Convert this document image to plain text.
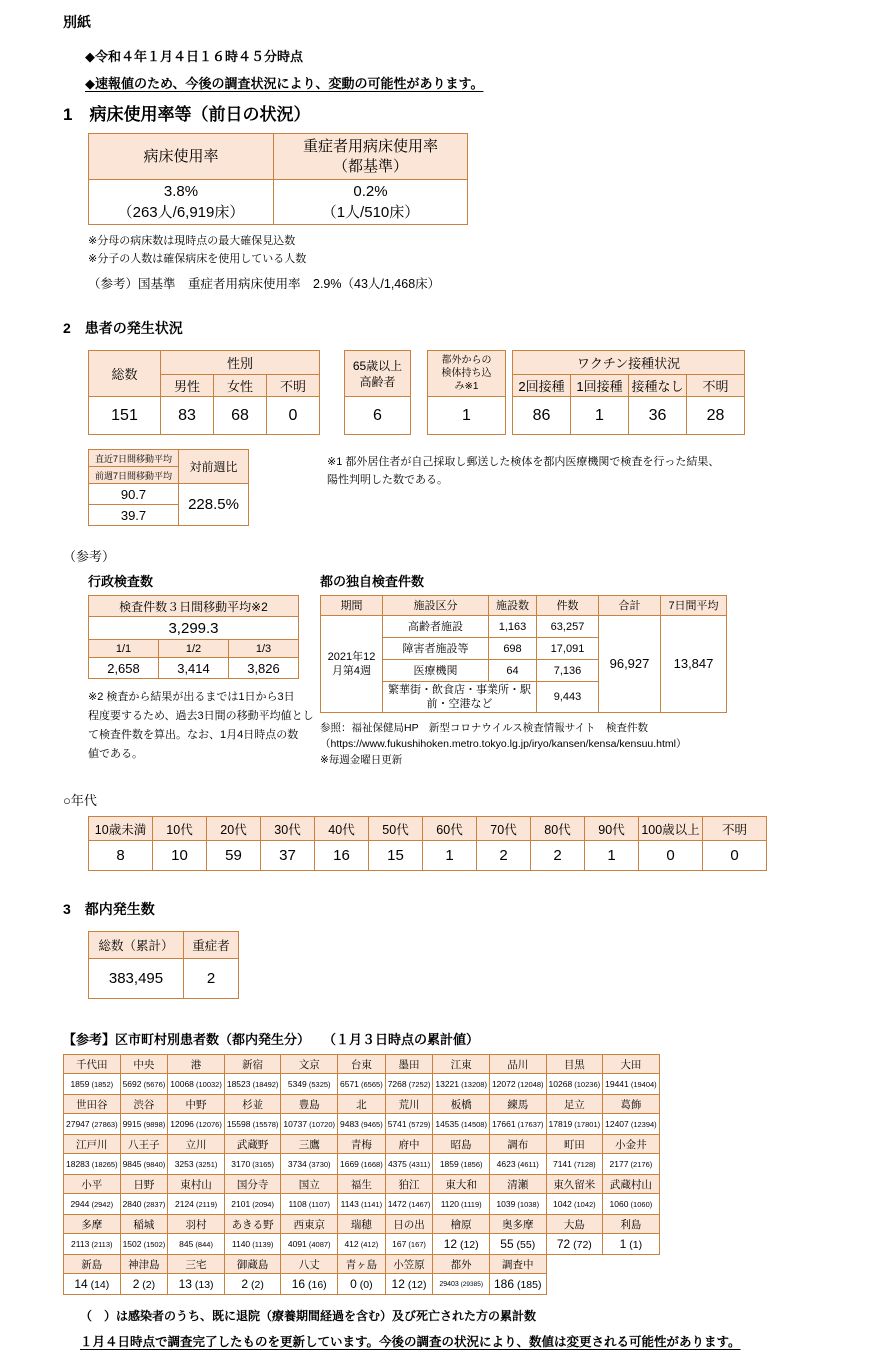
別紙
◆令和４年１月４日１６時４５分時点
◆速報値のため、今後の調査状況により、変動の可能性があります。
1　病床使用率等（前日の状況）
病床使用率	重症者用病床使用率
（都基準）

3.8%
（263人/6,919床）

0.2%
（1人/510床）
※分母の病床数は現時点の最大確保見込数
※分子の人数は確保病床を使用している人数
（参考）国基準　重症者用病床使用率　2.9%（43人/1,468床）
2　患者の発生状況
総数	性別		
	男性	女性	不明
151	83	68	0
65歳以上
高齢者

6
都外からの
検体持ち込
み※1

1
ワクチン接種状況			
2回接種	1回接種	接種なし	不明
86	1	36	28
直近7日間移動平均	対前週比
前週7日間移動平均	
90.7	228.5%
39.7	
※1 都外居住者が自己採取し郵送した検体を都内医療機関で検査を行った結果、
陽性判明した数である。
（参考）
行政検査数
検査件数３日間移動平均※2		
3,299.3		
1/1	1/2	1/3
2,658	3,414	3,826
※2 検査から結果が出るまでは1日から3日
程度要するため、過去3日間の移動平均値とし
て検査件数を算出。なお、1月4日時点の数
値である。
都の独自検査件数
期間	施設区分	施設数	件数	合計	7日間平均
2021年12月第4週	高齢者施設	1,163	63,257	96,927	13,847
	障害者施設等	698	17,091		
	医療機関	64	7,136		
	繁華街・飲食店・事業所・駅前・空港など		9,443		
参照：福祉保健局HP　新型コロナウイルス検査情報サイト　検査件数
（https://www.fukushihoken.metro.tokyo.lg.jp/iryo/kansen/kensa/kensuu.html）
※毎週金曜日更新
○年代
10歳未満	10代	20代	30代	40代	50代	60代	70代	80代	90代	100歳以上	不明
8	10	59	37	16	15	1	2	2	1	0	0
3　都内発生数
総数（累計）	重症者
383,495	2
【参考】区市町村別患者数（都内発生分）　　（１月３日時点の累計値）
千代田	中央	港	新宿	文京	台東	墨田	江東	品川	目黒	大田
1859 (1852)	5692 (5676)	10068 (10032)	18523 (18492)	5349 (5325)	6571 (6565)	7268 (7252)	13221 (13208)	12072 (12048)	10268 (10236)	19441 (19404)
世田谷	渋谷	中野	杉並	豊島	北	荒川	板橋	練馬	足立	葛飾
27947 (27863)	9915 (9898)	12096 (12076)	15598 (15578)	10737 (10720)	9483 (9465)	5741 (5729)	14535 (14508)	17661 (17637)	17819 (17801)	12407 (12394)
江戸川	八王子	立川	武蔵野	三鷹	青梅	府中	昭島	調布	町田	小金井
18283 (18265)	9845 (9840)	3253 (3251)	3170 (3165)	3734 (3730)	1669 (1668)	4375 (4311)	1859 (1856)	4623 (4611)	7141 (7128)	2177 (2176)
小平	日野	東村山	国分寺	国立	福生	狛江	東大和	清瀬	東久留米	武蔵村山
2944 (2942)	2840 (2837)	2124 (2119)	2101 (2094)	1108 (1107)	1143 (1141)	1472 (1467)	1120 (1119)	1039 (1038)	1042 (1042)	1060 (1060)
多摩	稲城	羽村	あきる野	西東京	瑞穂	日の出	檜原	奥多摩	大島	利島
2113 (2113)	1502 (1502)	845 (844)	1140 (1139)	4091 (4087)	412 (412)	167 (167)	12 (12)	55 (55)	72 (72)	1 (1)
新島	神津島	三宅	御蔵島	八丈	青ヶ島	小笠原	都外	調査中		
14 (14)	2 (2)	13 (13)	2 (2)	16 (16)	0 (0)	12 (12)	29403 (29385)	186 (185)		
（　）は感染者のうち、既に退院（療養期間経過を含む）及び死亡された方の累計数
１月４日時点で調査完了したものを更新しています。今後の調査の状況により、数値は変更される可能性があります。
